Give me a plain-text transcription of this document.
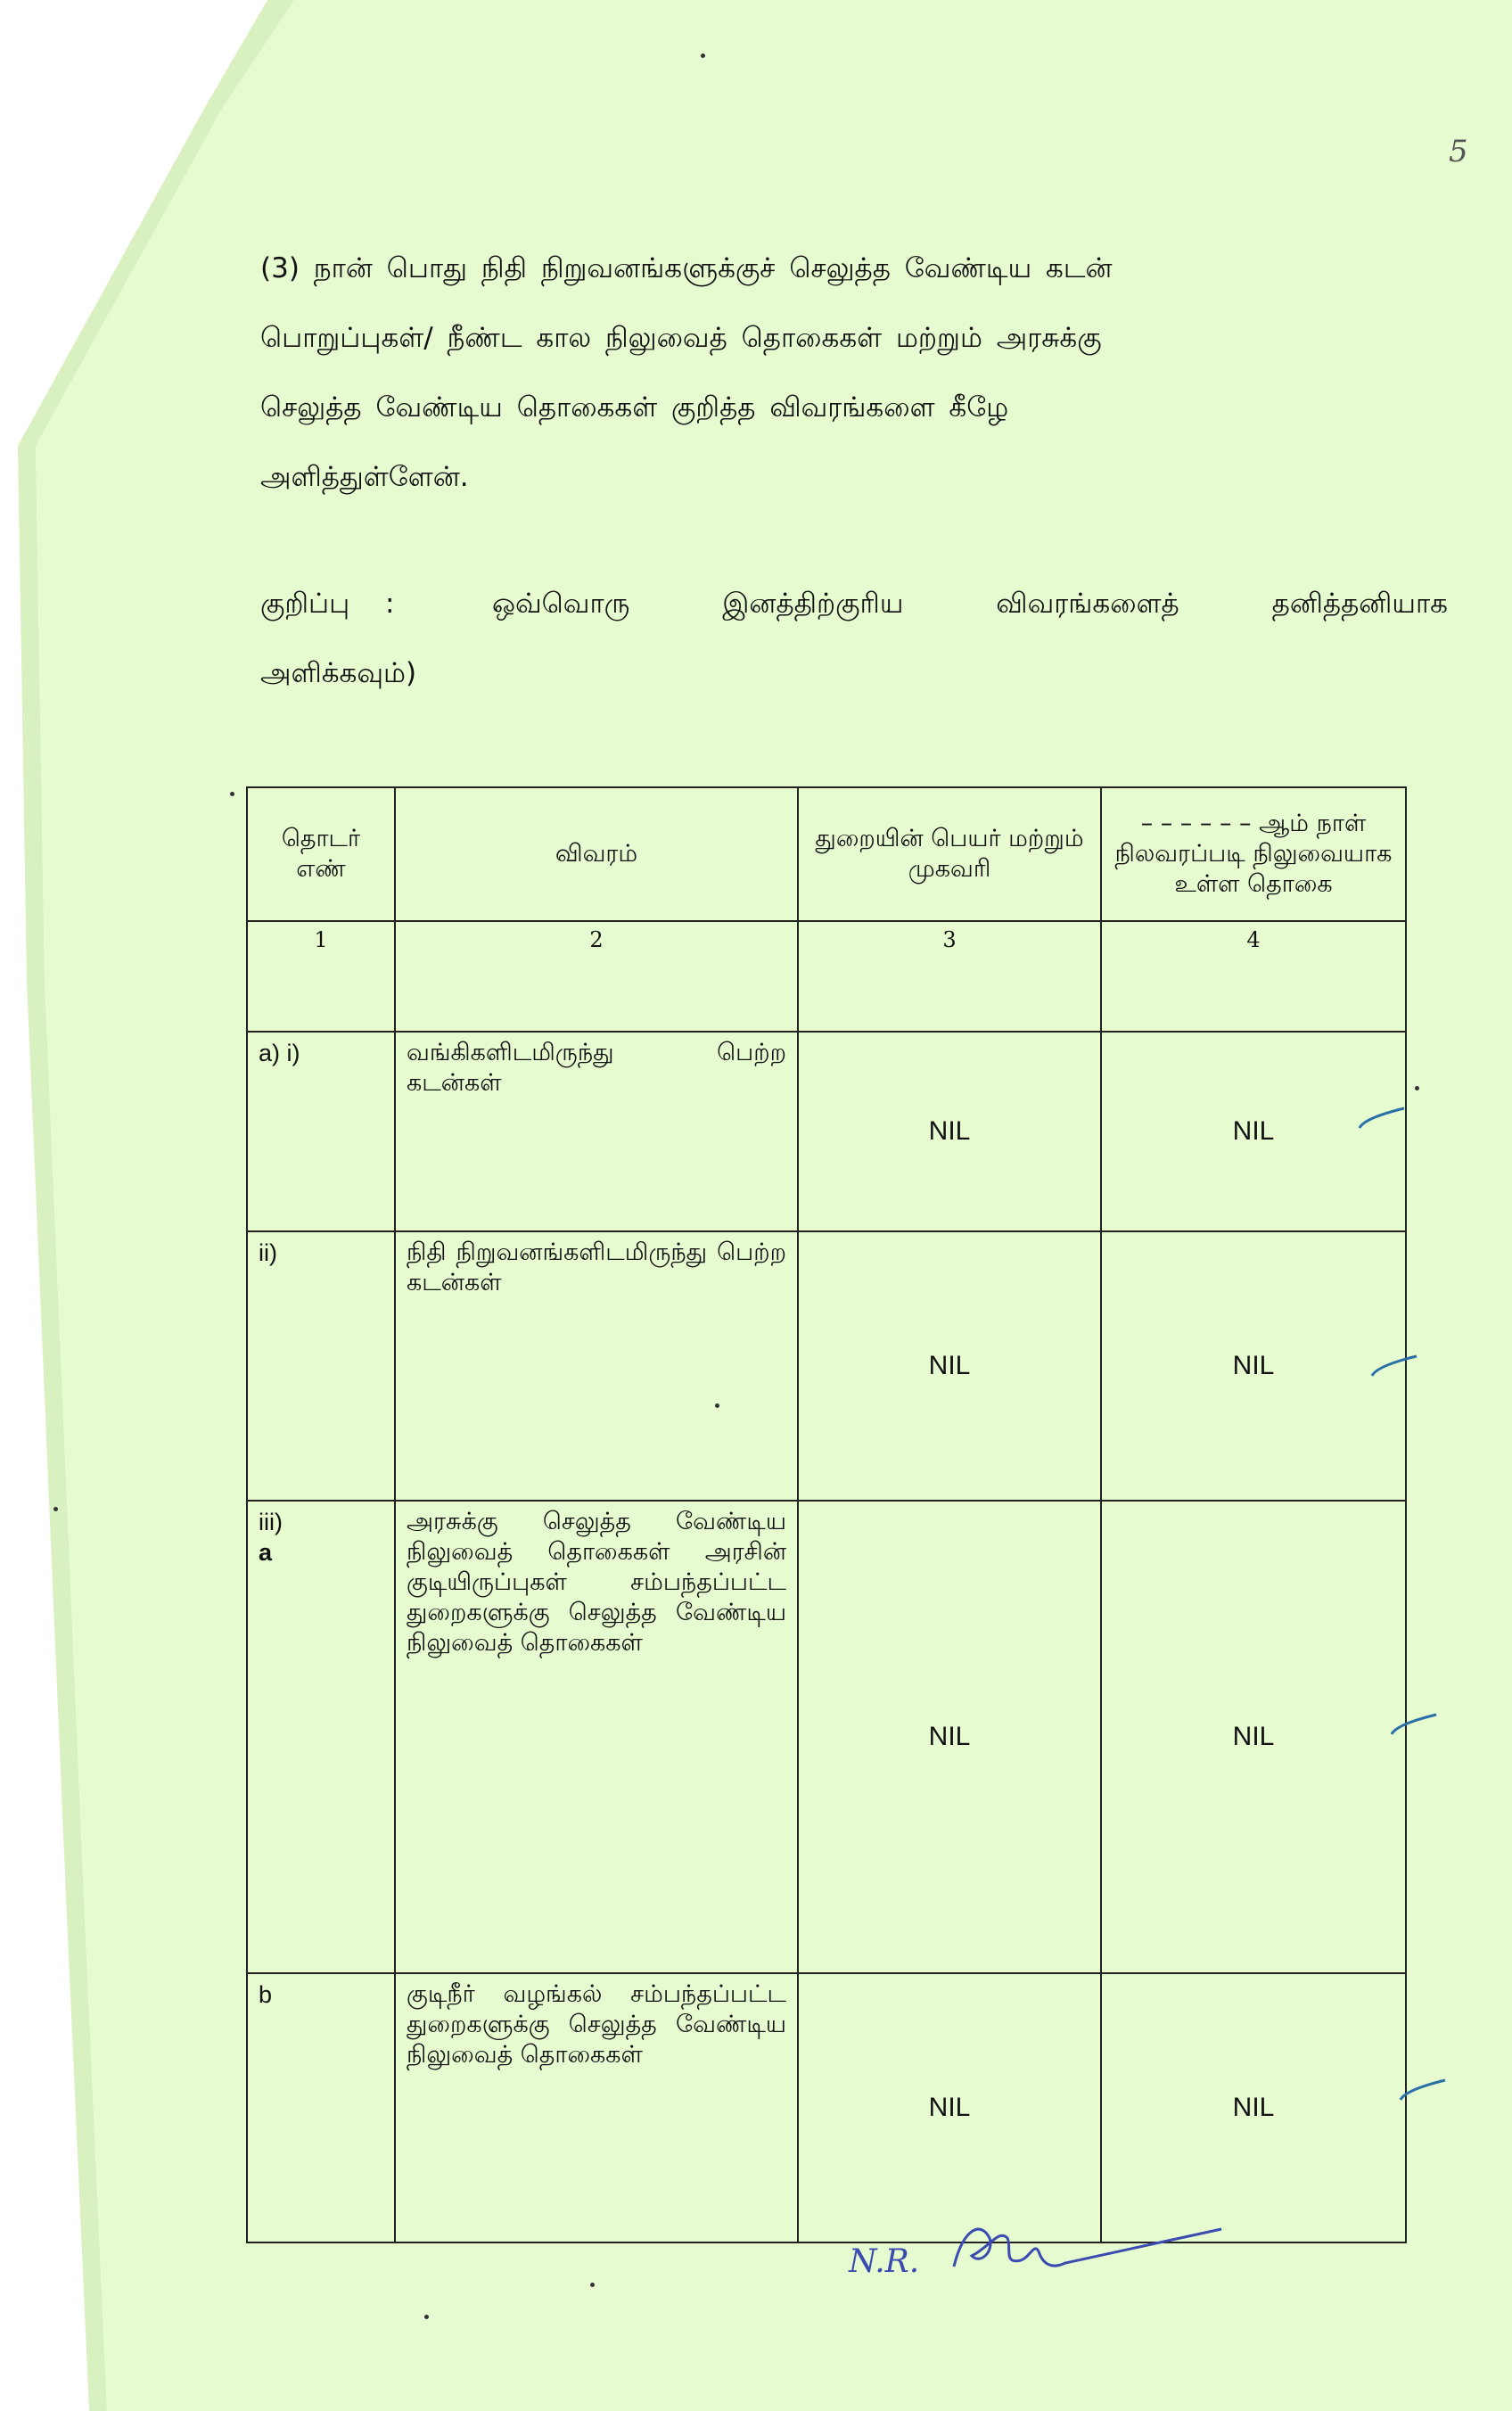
5
(3) நான் பொது நிதி நிறுவனங்களுக்குச் செலுத்த வேண்டிய கடன்
பொறுப்புகள்/ நீண்ட கால நிலுவைத் தொகைகள் மற்றும் அரசுக்கு
செலுத்த வேண்டிய தொகைகள் குறித்த விவரங்களை கீழே
அளித்துள்ளேன்.
குறிப்பு	:	ஒவ்வொரு இனத்திற்குரிய விவரங்களைத் தனித்தனியாக
அளிக்கவும்)
தொடர் எண்	விவரம்	துறையின் பெயர் மற்றும் முகவரி	– – – – – – ஆம் நாள் நிலவரப்படி நிலுவையாக உள்ள தொகை
1	2	3	4
a) i)	வங்கிகளிடமிருந்து பெற்ற கடன்கள்	NIL	NIL
ii)	நிதி நிறுவனங்களிடமிருந்து பெற்ற கடன்கள்	NIL	NIL

iii)
a	அரசுக்கு செலுத்த வேண்டிய நிலுவைத் தொகைகள் அரசின் குடியிருப்புகள் சம்பந்தப்பட்ட துறைகளுக்கு செலுத்த வேண்டிய நிலுவைத் தொகைகள்	NIL	NIL
b	குடிநீர் வழங்கல் சம்பந்தப்பட்ட துறைகளுக்கு செலுத்த வேண்டிய நிலுவைத் தொகைகள்	NIL	NIL
N.R.
